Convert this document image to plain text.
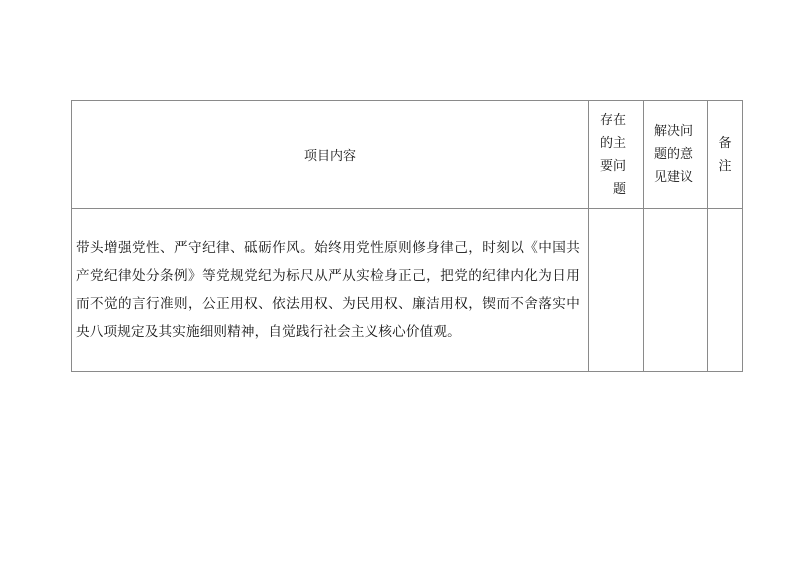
项目内容	存在
的主
要问
题	解决问
题的意
见建议	备
注

带头增强党性、严守纪律、砥砺作风。始终用党性原则修身律己，时刻以《中国共产党纪律处分条例》等党规党纪为标尺从严从实检身正己，把党的纪律内化为日用而不觉的言行准则，公正用权、依法用权、为民用权、廉洁用权，锲而不舍落实中央八项规定及其实施细则精神，自觉践行社会主义核心价值观。			
